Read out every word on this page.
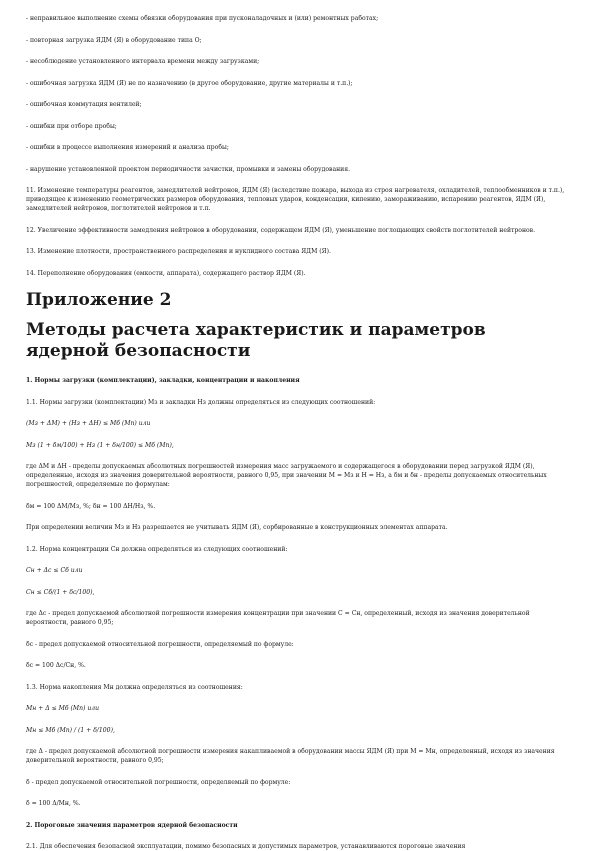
- неправильное выполнение схемы обвязки оборудования при пусконаладочных и (или) ремонтных работах;

- повторная загрузка ЯДМ (Я) в оборудование типа О;

- несоблюдение установленного интервала времени между загрузками;

- ошибочная загрузка ЯДМ (Я) не по назначению (в другое оборудование, другие материалы и т.п.);

- ошибочная коммутация вентилей;

- ошибки при отборе пробы;

- ошибки в процессе выполнения измерений и анализа пробы;

- нарушение установленной проектом периодичности зачистки, промывки и замены оборудования.

11. Изменение температуры реагентов, замедлителей нейтронов, ЯДМ (Я) (вследствие пожара, выхода из строя нагревателя, охладителей, теплообменников и т.п.), приводящее к изменению геометрических размеров оборудования, тепловых ударов, конденсации, кипению, замораживанию, испарению реагентов, ЯДМ (Я), замедлителей нейтронов, поглотителей нейтронов и т.п.

12. Увеличение эффективности замедления нейтронов в оборудовании, содержащем ЯДМ (Я), уменьшение поглощающих свойств поглотителей нейтронов.

13. Изменение плотности, пространственного распределения и нуклидного состава ЯДМ (Я).

14. Переполнение оборудования (емкости, аппарата), содержащего раствор ЯДМ (Я).

Приложение 2
Методы расчета характеристик и параметров ядерной безопасности

1. Нормы загрузки (комплектации), закладки, концентрации и накопления

1.1. Нормы загрузки (комплектации) Мз и закладки Нз должны определяться из следующих соотношений:

(Мз + ΔМ) + (Нз + ΔН) ≤ Мб (Мп) или

Мз (1 + δм/100) + Нз (1 + δн/100) ≤ Мб (Мп),

где ΔМ и ΔН - пределы допускаемых абсолютных погрешностей измерения масс загружаемого и содержащегося в оборудовании перед загрузкой ЯДМ (Я), определенные, исходя из значения доверительной вероятности, равного 0,95, при значении М = Мз и Н = Нз, а δм и δн - пределы допускаемых относительных погрешностей, определяемые по формулам:

δм = 100 ΔМ/Мз, %; δн = 100 ΔН/Нз, %.

При определении величин Мз и Нз разрешается не учитывать ЯДМ (Я), сорбированные в конструкционных элементах аппарата.

1.2. Норма концентрации Сн должна определяться из следующих соотношений:

Сн + Δс ≤ Сб или

Сн ≤ Сб/(1 + δс/100),

где Δс - предел допускаемой абсолютной погрешности измерения концентрации при значении С = Сн, определенный, исходя из значения доверительной вероятности, равного 0,95;

δс - предел допускаемой относительной погрешности, определяемый по формуле:

δс = 100 Δс/Сн, %.

1.3. Норма накопления Мн должна определяться из соотношения:

Мн + Δ ≤ Мб (Мп) или

Мн ≤ Мб (Мп) / (1 + δ/100),

где Δ - предел допускаемой абсолютной погрешности измерения накапливаемой в оборудовании массы ЯДМ (Я) при М = Мн, определенный, исходя из значения доверительной вероятности, равного 0,95;

δ - предел допускаемой относительной погрешности, определяемый по формуле:

δ = 100 Δ/Мн, %.

2. Пороговые значения параметров ядерной безопасности

2.1. Для обеспечения безопасной эксплуатации, помимо безопасных и допустимых параметров, устанавливаются пороговые значения
